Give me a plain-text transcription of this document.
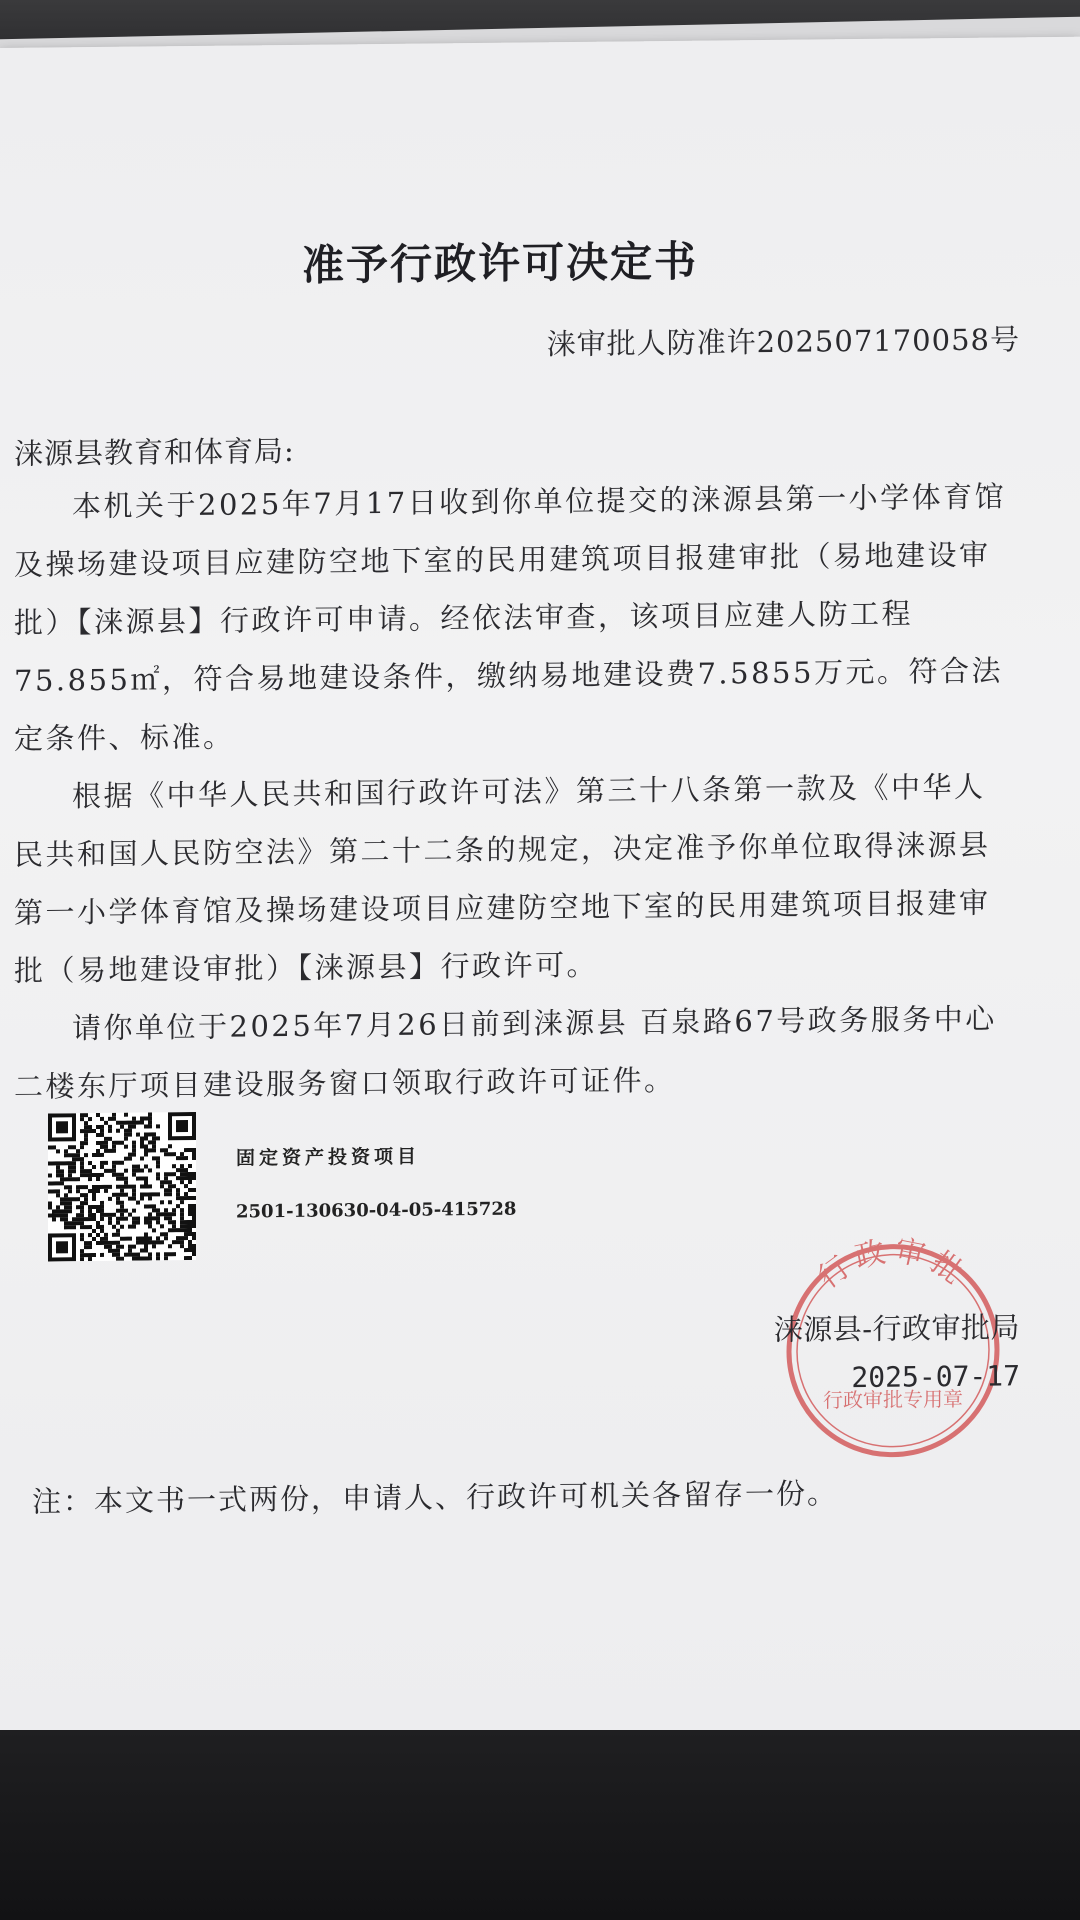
准予行政许可决定书
涞审批人防准许202507170058号
涞源县教育和体育局:

本机关于2025年7月17日收到你单位提交的涞源县第一小学体育馆及操场建设项目应建防空地下室的民用建筑项目报建审批（易地建设审批）【涞源县】行政许可申请。经依法审查，该项目应建人防工程75.855㎡，符合易地建设条件，缴纳易地建设费7.5855万元。符合法定条件、标准。

根据《中华人民共和国行政许可法》第三十八条第一款及《中华人民共和国人民防空法》第二十二条的规定，决定准予你单位取得涞源县第一小学体育馆及操场建设项目应建防空地下室的民用建筑项目报建审批（易地建设审批）【涞源县】行政许可。

请你单位于2025年7月26日前到涞源县 百泉路67号政务服务中心二楼东厅项目建设服务窗口领取行政许可证件。

固定资产投资项目
2501-130630-04-05-415728
行政审批
行政审批专用章
涞源县-行政审批局
2025-07-17
注：本文书一式两份，申请人、行政许可机关各留存一份。
